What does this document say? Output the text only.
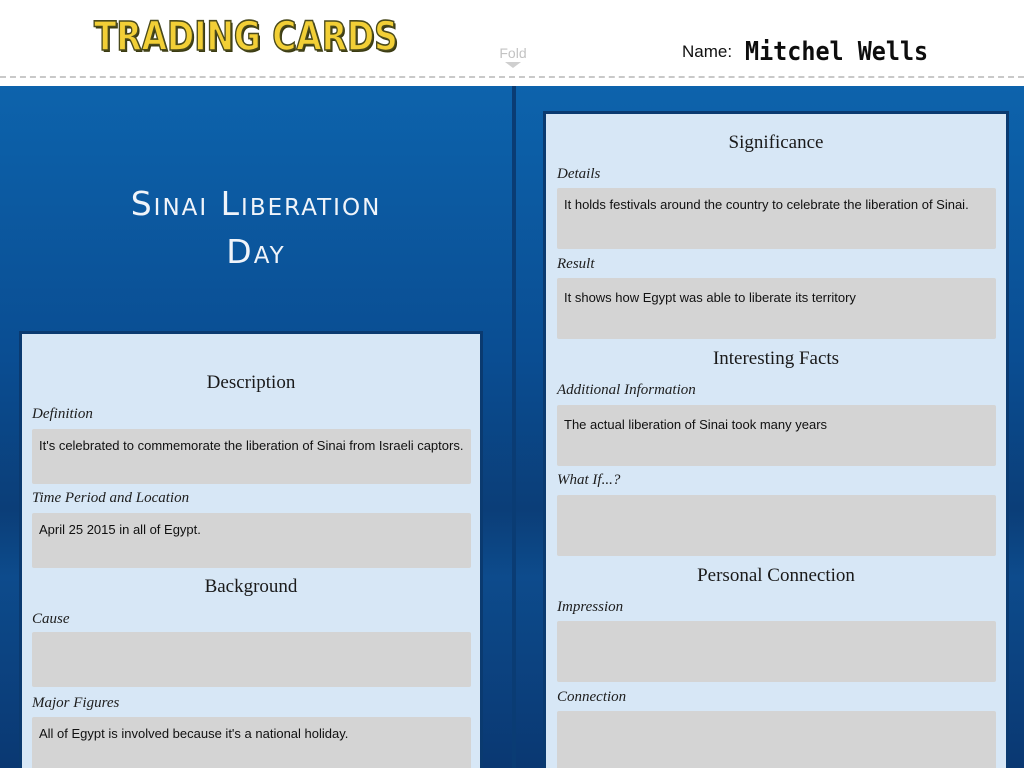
TRADING CARDS	Fold	Name: Mitchel Wells
Sinai Liberation
Day
Description
Definition
It's celebrated to commemorate the liberation of Sinai from Israeli captors.
Time Period and Location
April 25 2015 in all of Egypt.
Background
Cause
Major Figures
All of Egypt is involved because it's a national holiday.
Significance
Details
It holds festivals around the country to celebrate the liberation of Sinai.
Result
It shows how Egypt was able to liberate its territory
Interesting Facts
Additional Information
The actual liberation of Sinai took many years
What If...?
Personal Connection
Impression
Connection
